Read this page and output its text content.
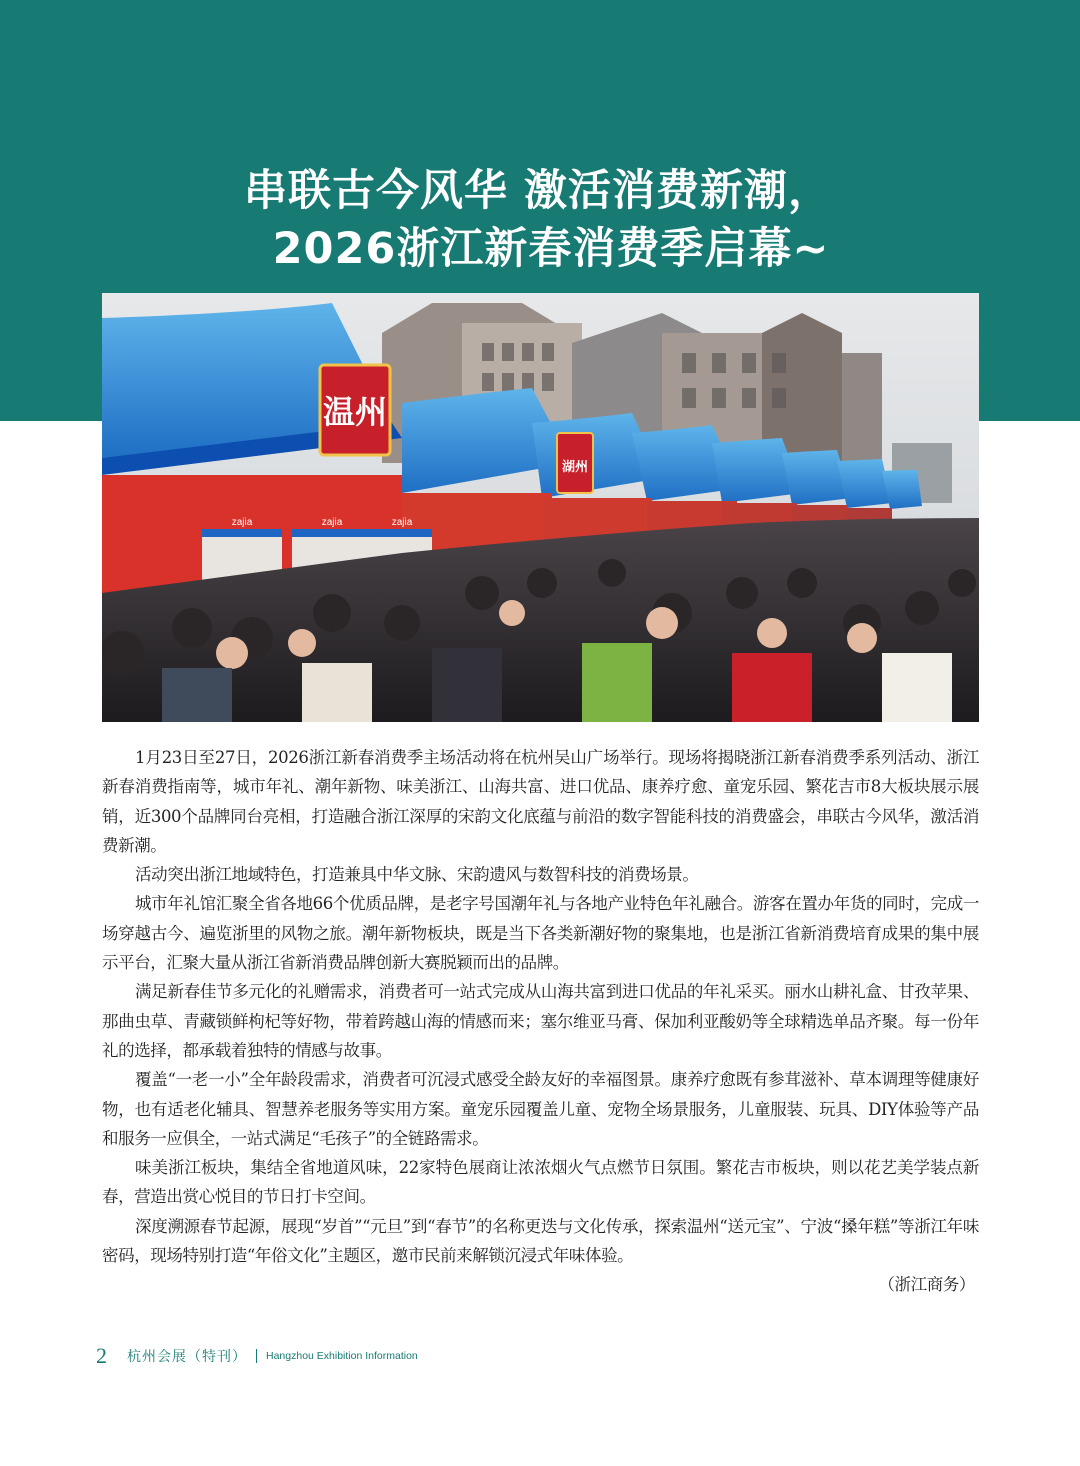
串联古今风华 激活消费新潮，
2026浙江新春消费季启幕~
zajia	zajia	zajia
温州
湖州

1月23日至27日，2026浙江新春消费季主场活动将在杭州吴山广场举行。现场将揭晓浙江新春消费季系列活动、浙江新春消费指南等，城市年礼、潮年新物、味美浙江、山海共富、进口优品、康养疗愈、童宠乐园、繁花吉市8大板块展示展销，近300个品牌同台亮相，打造融合浙江深厚的宋韵文化底蕴与前沿的数字智能科技的消费盛会，串联古今风华，激活消费新潮。

活动突出浙江地域特色，打造兼具中华文脉、宋韵遗风与数智科技的消费场景。

城市年礼馆汇聚全省各地66个优质品牌，是老字号国潮年礼与各地产业特色年礼融合。游客在置办年货的同时，完成一场穿越古今、遍览浙里的风物之旅。潮年新物板块，既是当下各类新潮好物的聚集地，也是浙江省新消费培育成果的集中展示平台，汇聚大量从浙江省新消费品牌创新大赛脱颖而出的品牌。

满足新春佳节多元化的礼赠需求，消费者可一站式完成从山海共富到进口优品的年礼采买。丽水山耕礼盒、甘孜苹果、那曲虫草、青藏锁鲜枸杞等好物，带着跨越山海的情感而来；塞尔维亚马膏、保加利亚酸奶等全球精选单品齐聚。每一份年礼的选择，都承载着独特的情感与故事。

覆盖“一老一小”全年龄段需求，消费者可沉浸式感受全龄友好的幸福图景。康养疗愈既有参茸滋补、草本调理等健康好物，也有适老化辅具、智慧养老服务等实用方案。童宠乐园覆盖儿童、宠物全场景服务，儿童服装、玩具、DIY体验等产品和服务一应俱全，一站式满足“毛孩子”的全链路需求。

味美浙江板块，集结全省地道风味，22家特色展商让浓浓烟火气点燃节日氛围。繁花吉市板块，则以花艺美学装点新春，营造出赏心悦目的节日打卡空间。

深度溯源春节起源，展现“岁首”“元旦”到“春节”的名称更迭与文化传承，探索温州“送元宝”、宁波“搡年糕”等浙江年味密码，现场特别打造“年俗文化”主题区，邀市民前来解锁沉浸式年味体验。

（浙江商务）
2 杭州会展（特刊） Hangzhou Exhibition Information
